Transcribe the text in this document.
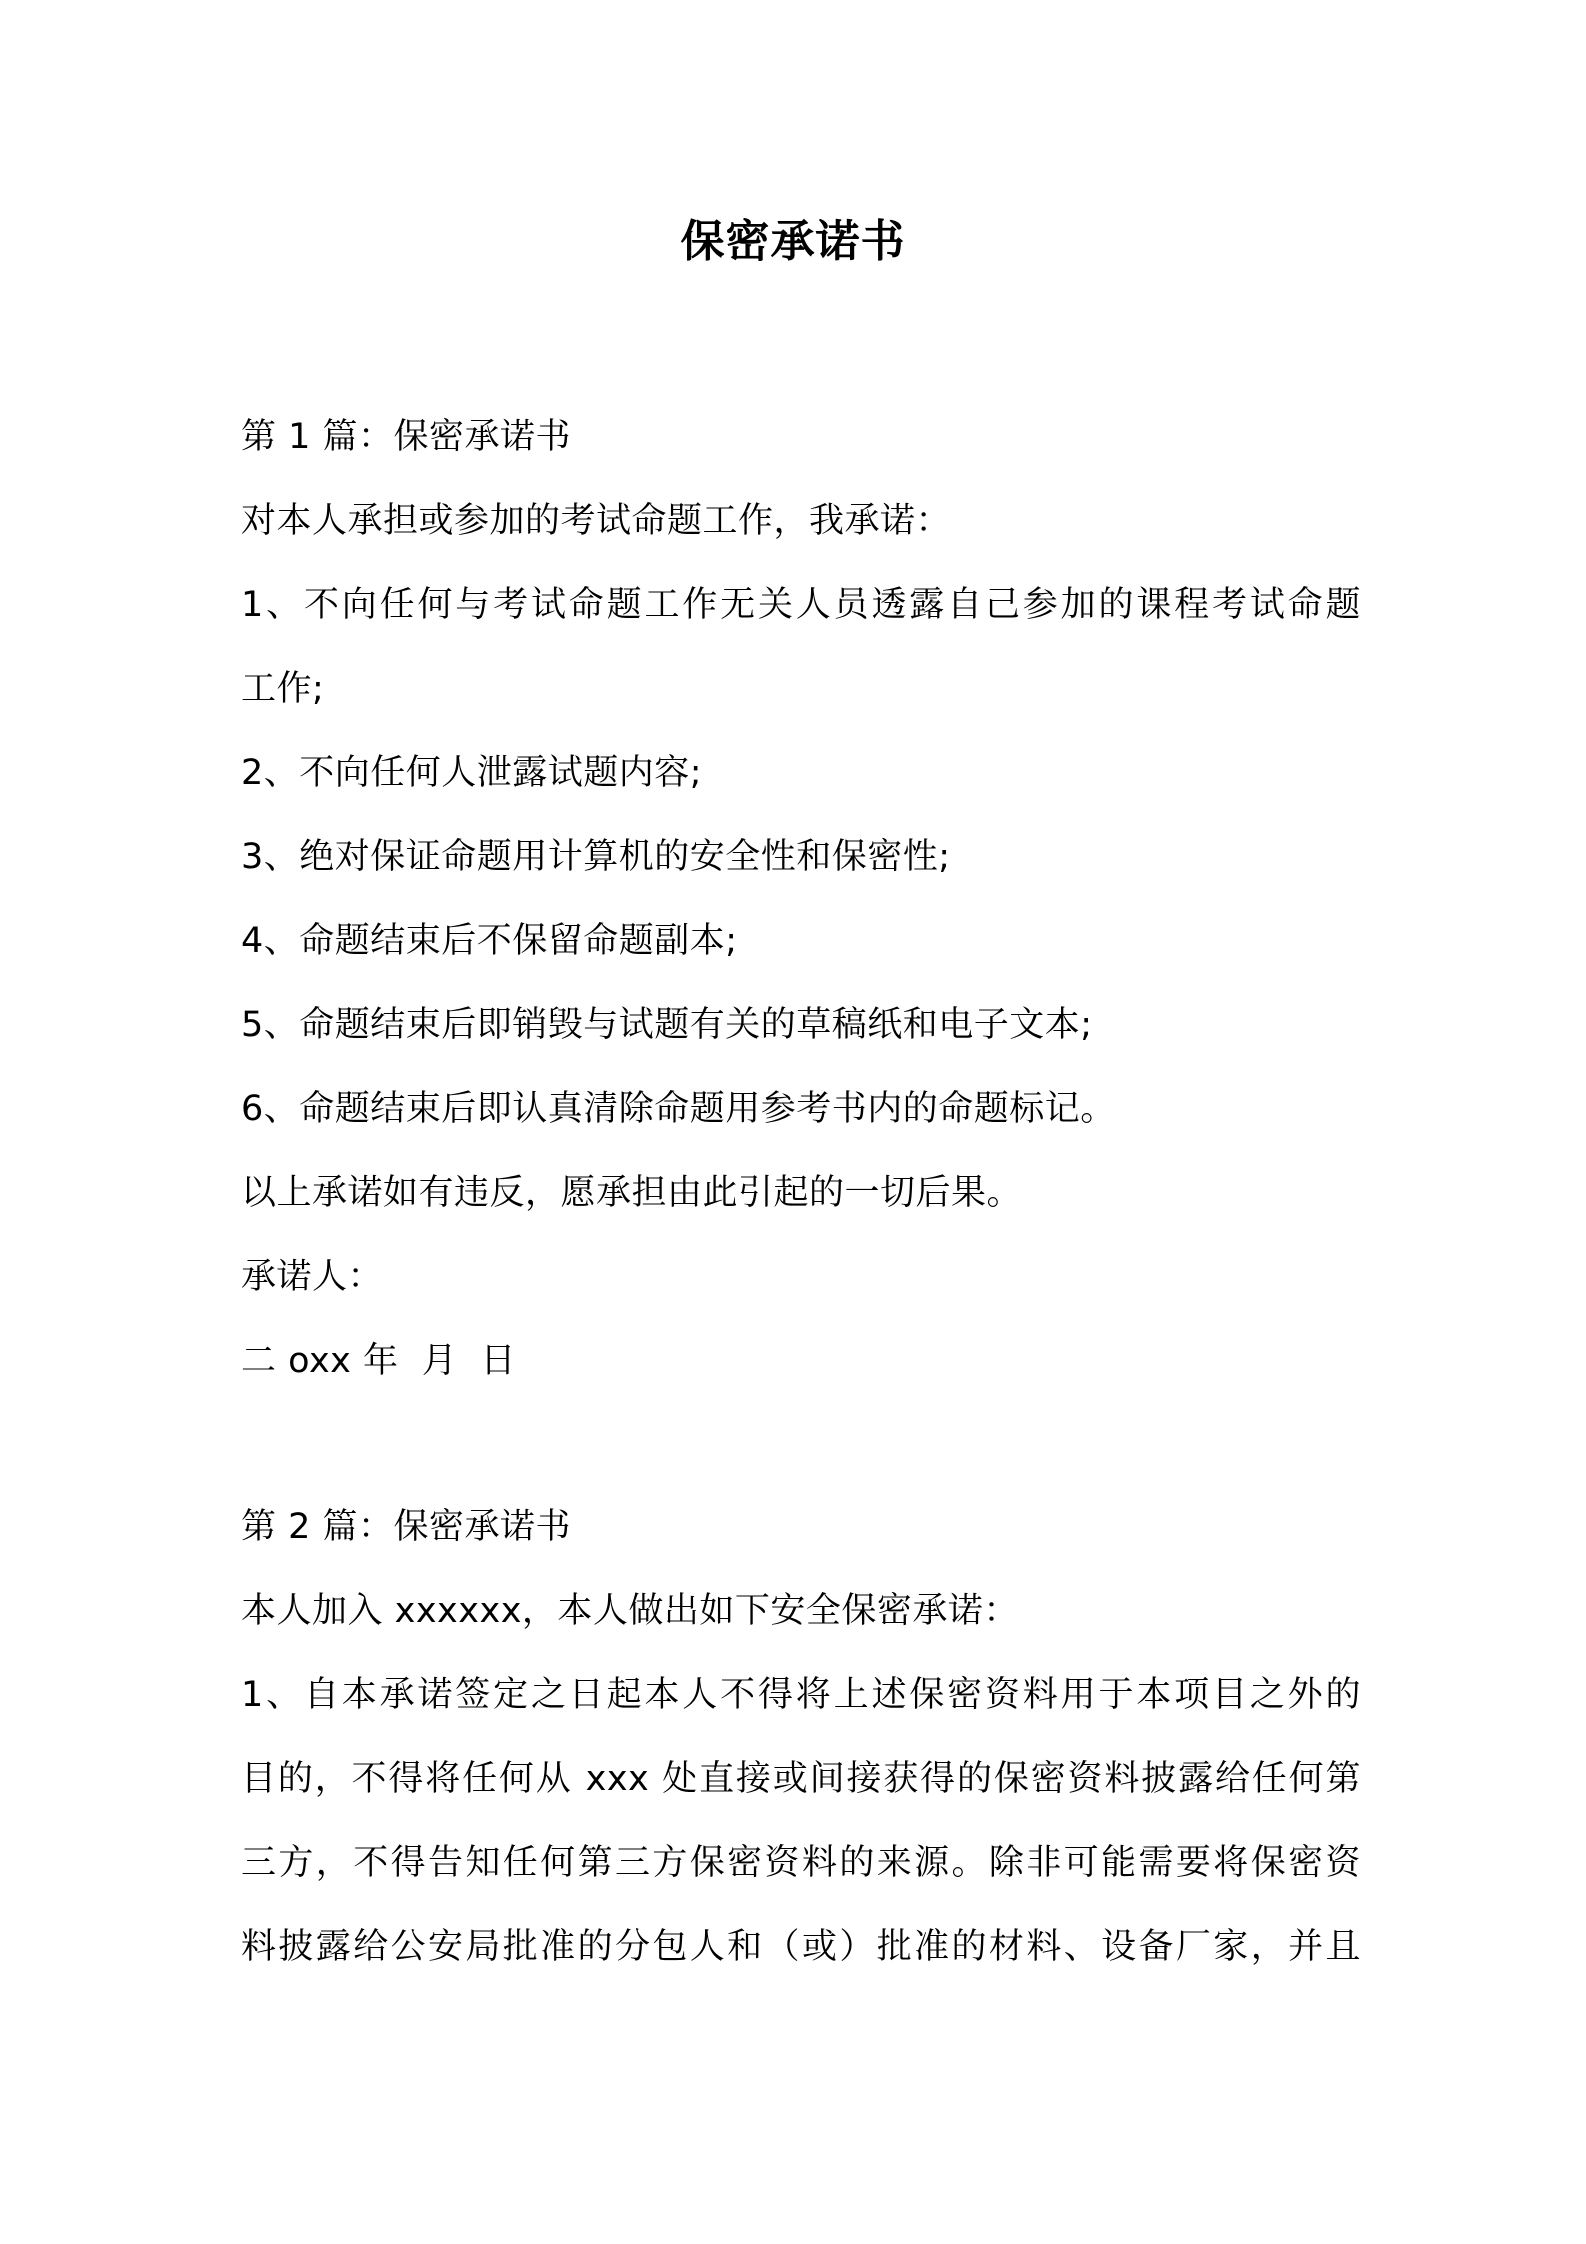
保密承诺书
第 1 篇：保密承诺书
对本人承担或参加的考试命题工作，我承诺：
1、不向任何与考试命题工作无关人员透露自己参加的课程考试命题
工作;
2、不向任何人泄露试题内容;
3、绝对保证命题用计算机的安全性和保密性;
4、命题结束后不保留命题副本;
5、命题结束后即销毁与试题有关的草稿纸和电子文本;
6、命题结束后即认真清除命题用参考书内的命题标记。
以上承诺如有违反，愿承担由此引起的一切后果。
承诺人：
二 oxx 年  月  日
第 2 篇：保密承诺书
本人加入 xxxxxx，本人做出如下安全保密承诺：
1、自本承诺签定之日起本人不得将上述保密资料用于本项目之外的
目的，不得将任何从 xxx 处直接或间接获得的保密资料披露给任何第
三方，不得告知任何第三方保密资料的来源。除非可能需要将保密资
料披露给公安局批准的分包人和（或）批准的材料、设备厂家，并且
